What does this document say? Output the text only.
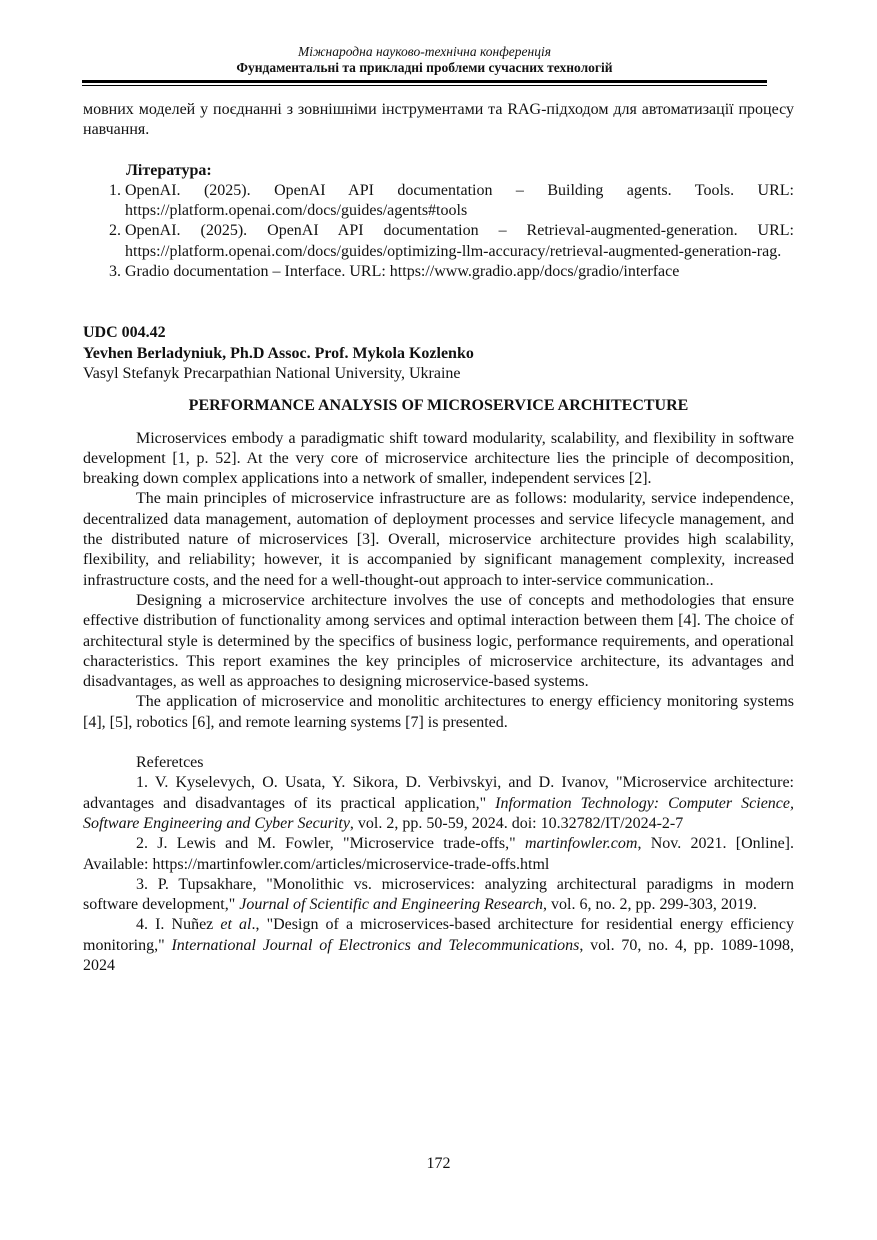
Міжнародна науково-технічна конференція
Фундаментальні та прикладні проблеми сучасних технологій

мовних моделей у поєднанні з зовнішніми інструментами та RAG-підходом для автоматизації процесу навчання.

Література:

1. OpenAI. (2025). OpenAI API documentation – Building agents. Tools. URL: https://platform.openai.com/docs/guides/agents#tools
2. OpenAI. (2025). OpenAI API documentation – Retrieval-augmented-generation. URL: https://platform.openai.com/docs/guides/optimizing-llm-accuracy/retrieval-augmented-generation-rag.
3. Gradio documentation – Interface. URL: https://www.gradio.app/docs/gradio/interface

UDC 004.42

Yevhen Berladyniuk, Ph.D Assoc. Prof. Mykola Kozlenko

Vasyl Stefanyk Precarpathian National University, Ukraine

PERFORMANCE ANALYSIS OF MICROSERVICE ARCHITECTURE

Microservices embody a paradigmatic shift toward modularity, scalability, and flexibility in software development [1, p. 52]. At the very core of microservice architecture lies the principle of decomposition, breaking down complex applications into a network of smaller, independent services [2].

The main principles of microservice infrastructure are as follows: modularity, service independence, decentralized data management, automation of deployment processes and service lifecycle management, and the distributed nature of microservices [3]. Overall, microservice architecture provides high scalability, flexibility, and reliability; however, it is accompanied by significant management complexity, increased infrastructure costs, and the need for a well-thought-out approach to inter-service communication..

Designing a microservice architecture involves the use of concepts and methodologies that ensure effective distribution of functionality among services and optimal interaction between them [4]. The choice of architectural style is determined by the specifics of business logic, performance requirements, and operational characteristics. This report examines the key principles of microservice architecture, its advantages and disadvantages, as well as approaches to designing microservice-based systems.

The application of microservice and monolitic architectures to energy efficiency monitoring systems [4], [5], robotics [6], and remote learning systems [7] is presented.

Referetces

1. V. Kyselevych, O. Usata, Y. Sikora, D. Verbivskyi, and D. Ivanov, "Microservice architecture: advantages and disadvantages of its practical application," Information Technology: Computer Science, Software Engineering and Cyber Security, vol. 2, pp. 50-59, 2024. doi: 10.32782/IT/2024-2-7

2. J. Lewis and M. Fowler, "Microservice trade-offs," martinfowler.com, Nov. 2021. [Online]. Available: https://martinfowler.com/articles/microservice-trade-offs.html

3. P. Tupsakhare, "Monolithic vs. microservices: analyzing architectural paradigms in modern software development," Journal of Scientific and Engineering Research, vol. 6, no. 2, pp. 299-303, 2019.

4. I. Nuñez et al., "Design of a microservices-based architecture for residential energy efficiency monitoring," International Journal of Electronics and Telecommunications, vol. 70, no. 4, pp. 1089-1098, 2024

172
